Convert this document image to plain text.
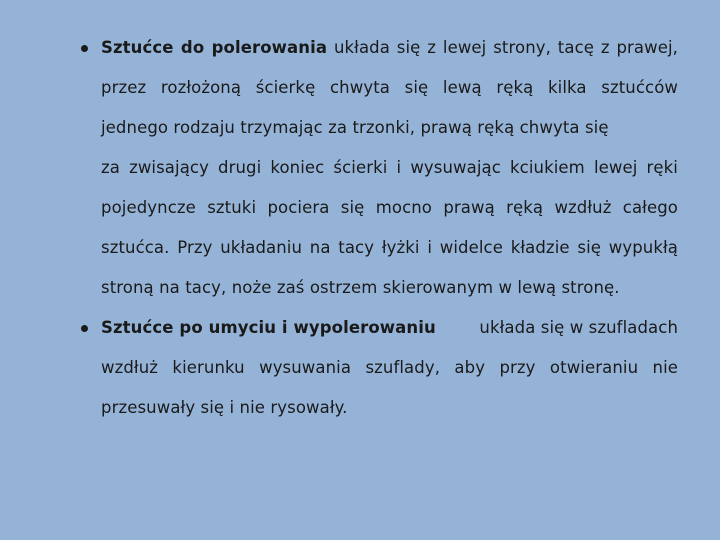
Sztućce do polerowania układa się z lewej strony, tacę z prawej,
przez rozłożoną ścierkę chwyta się lewą ręką kilka sztućców
jednego rodzaju trzymając za trzonki, prawą ręką chwyta się
za zwisający drugi koniec ścierki i wysuwając kciukiem lewej ręki
pojedyncze sztuki pociera się mocno prawą ręką wzdłuż całego
sztućca. Przy układaniu na tacy łyżki i widelce kładzie się wypukłą
stroną na tacy, noże zaś ostrzem skierowanym w lewą stronę.
Sztućce po umyciu i wypolerowaniu	układa się w szufladach
wzdłuż kierunku wysuwania szuflady, aby przy otwieraniu nie
przesuwały się i nie rysowały.
